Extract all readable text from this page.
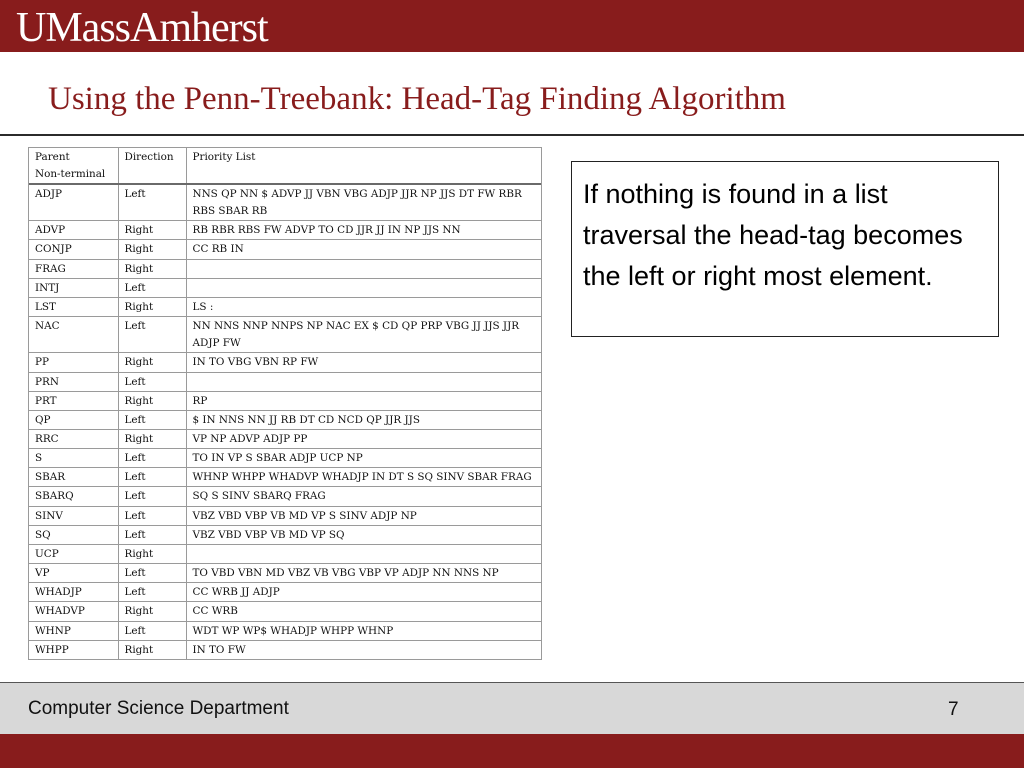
UMassAmherst
Using the Penn-Treebank: Head-Tag Finding Algorithm
Parent
Non-terminal	Direction	Priority List
ADJP	Left	NNS QP NN $ ADVP JJ VBN VBG ADJP JJR NP JJS DT FW RBR RBS SBAR RB
ADVP	Right	RB RBR RBS FW ADVP TO CD JJR JJ IN NP JJS NN
CONJP	Right	CC RB IN
FRAG	Right	
INTJ	Left	
LST	Right	LS :
NAC	Left	NN NNS NNP NNPS NP NAC EX $ CD QP PRP VBG JJ JJS JJR ADJP FW
PP	Right	IN TO VBG VBN RP FW
PRN	Left	
PRT	Right	RP
QP	Left	$ IN NNS NN JJ RB DT CD NCD QP JJR JJS
RRC	Right	VP NP ADVP ADJP PP
S	Left	TO IN VP S SBAR ADJP UCP NP
SBAR	Left	WHNP WHPP WHADVP WHADJP IN DT S SQ SINV SBAR FRAG
SBARQ	Left	SQ S SINV SBARQ FRAG
SINV	Left	VBZ VBD VBP VB MD VP S SINV ADJP NP
SQ	Left	VBZ VBD VBP VB MD VP SQ
UCP	Right	
VP	Left	TO VBD VBN MD VBZ VB VBG VBP VP ADJP NN NNS NP
WHADJP	Left	CC WRB JJ ADJP
WHADVP	Right	CC WRB
WHNP	Left	WDT WP WP$ WHADJP WHPP WHNP
WHPP	Right	IN TO FW
If nothing is found in a list traversal the head-tag becomes the left or right most element.
Computer Science Department	7
